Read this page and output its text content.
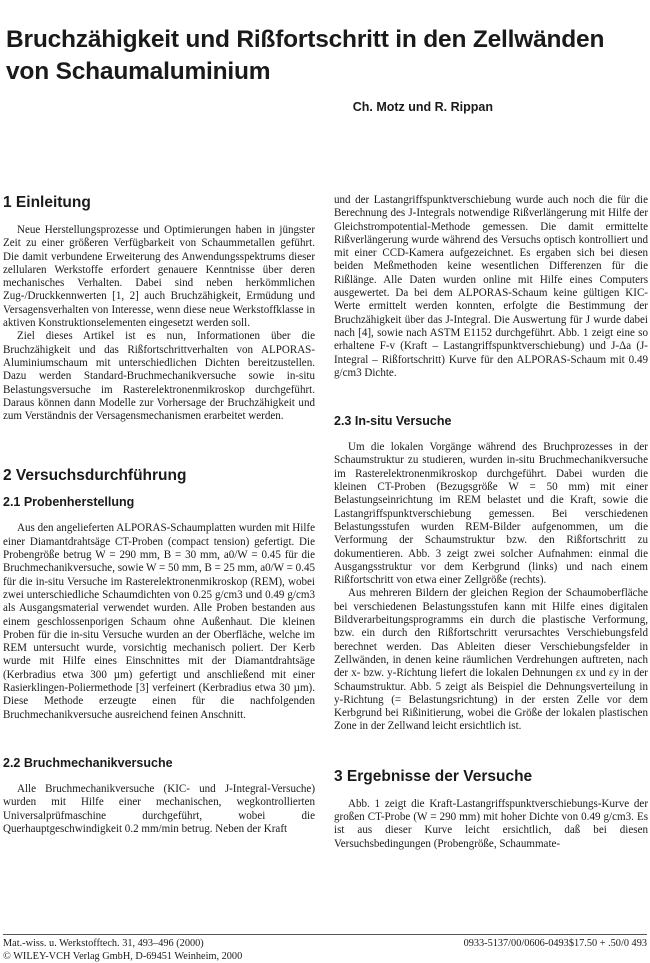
Bruchzähigkeit und Rißfortschritt in den Zellwänden von Schaumaluminium
Ch. Motz und R. Rippan
1 Einleitung

Neue Herstellungsprozesse und Optimierungen haben in jüngster Zeit zu einer größeren Verfügbarkeit von Schaummetallen geführt. Die damit verbundene Erweiterung des Anwendungsspektrums dieser zellularen Werkstoffe erfordert genauere Kenntnisse über deren mechanisches Verhalten. Dabei sind neben herkömmlichen Zug-/Druckkennwerten [1, 2] auch Bruchzähigkeit, Ermüdung und Versagensverhalten von Interesse, wenn diese neue Werkstoffklasse in aktiven Konstruktionselementen eingesetzt werden soll.

Ziel dieses Artikel ist es nun, Informationen über die Bruchzähigkeit und das Rißfortschrittverhalten von ALPORAS-Aluminiumschaum mit unterschiedlichen Dichten bereitzustellen. Dazu werden Standard-Bruchmechanikversuche sowie in-situ Belastungsversuche im Rasterelektronenmikroskop durchgeführt. Daraus können dann Modelle zur Vorhersage der Bruchzähigkeit und zum Verständnis der Versagensmechanismen erarbeitet werden.

2 Versuchsdurchführung
2.1 Probenherstellung

Aus den angelieferten ALPORAS-Schaumplatten wurden mit Hilfe einer Diamantdrahtsäge CT-Proben (compact tension) gefertigt. Die Probengröße betrug W = 290 mm, B = 30 mm, a0/W = 0.45 für die Bruchmechanikversuche, sowie W = 50 mm, B = 25 mm, a0/W = 0.45 für die in-situ Versuche im Rasterelektronenmikroskop (REM), wobei zwei unterschiedliche Schaumdichten von 0.25 g/cm3 und 0.49 g/cm3 als Ausgangsmaterial verwendet wurden. Alle Proben bestanden aus einem geschlossenporigen Schaum ohne Außenhaut. Die kleinen Proben für die in-situ Versuche wurden an der Oberfläche, welche im REM untersucht wurde, vorsichtig mechanisch poliert. Der Kerb wurde mit Hilfe eines Einschnittes mit der Diamantdrahtsäge (Kerbradius etwa 300 µm) gefertigt und anschließend mit einer Rasierklingen-Poliermethode [3] verfeinert (Kerbradius etwa 30 µm). Diese Methode erzeugte einen für die nachfolgenden Bruchmechanikversuche ausreichend feinen Anschnitt.

2.2 Bruchmechanikversuche

Alle Bruchmechanikversuche (KIC- und J-Integral-Versuche) wurden mit Hilfe einer mechanischen, wegkontrollierten Universalprüfmaschine durchgeführt, wobei die Querhauptgeschwindigkeit 0.2 mm/min betrug. Neben der Kraft

und der Lastangriffspunktverschiebung wurde auch noch die für die Berechnung des J-Integrals notwendige Rißverlängerung mit Hilfe der Gleichstrompotential-Methode gemessen. Die damit ermittelte Rißverlängerung wurde während des Versuchs optisch kontrolliert und mit einer CCD-Kamera aufgezeichnet. Es ergaben sich bei diesen beiden Meßmethoden keine wesentlichen Differenzen für die Rißlänge. Alle Daten wurden online mit Hilfe eines Computers ausgewertet. Da bei dem ALPORAS-Schaum keine gültigen KIC-Werte ermittelt werden konnten, erfolgte die Bestimmung der Bruchzähigkeit über das J-Integral. Die Auswertung für J wurde dabei nach [4], sowie nach ASTM E1152 durchgeführt. Abb. 1 zeigt eine so erhaltene F-v (Kraft – Lastangriffspunktverschiebung) und J-Δa (J-Integral – Rißfortschritt) Kurve für den ALPORAS-Schaum mit 0.49 g/cm3 Dichte.

2.3 In-situ Versuche

Um die lokalen Vorgänge während des Bruchprozesses in der Schaumstruktur zu studieren, wurden in-situ Bruchmechanikversuche im Rasterelektronenmikroskop durchgeführt. Dabei wurden die kleinen CT-Proben (Bezugsgröße W = 50 mm) mit einer Belastungseinrichtung im REM belastet und die Kraft, sowie die Lastangriffspunktverschiebung gemessen. Bei verschiedenen Belastungsstufen wurden REM-Bilder aufgenommen, um die Verformung der Schaumstruktur bzw. den Rißfortschritt zu dokumentieren. Abb. 3 zeigt zwei solcher Aufnahmen: einmal die Ausgangsstruktur vor dem Kerbgrund (links) und nach einem Rißfortschritt von etwa einer Zellgröße (rechts).

Aus mehreren Bildern der gleichen Region der Schaumoberfläche bei verschiedenen Belastungsstufen kann mit Hilfe eines digitalen Bildverarbeitungsprogramms ein durch die plastische Verformung, bzw. ein durch den Rißfortschritt verursachtes Verschiebungsfeld berechnet werden. Das Ableiten dieser Verschiebungsfelder in Zellwänden, in denen keine räumlichen Verdrehungen auftreten, nach der x- bzw. y-Richtung liefert die lokalen Dehnungen εx und εy in der Schaumstruktur. Abb. 5 zeigt als Beispiel die Dehnungsverteilung in y-Richtung (= Belastungsrichtung) in der ersten Zelle vor dem Kerbgrund bei Rißinitierung, wobei die Größe der lokalen plastischen Zone in der Zellwand leicht ersichtlich ist.

3 Ergebnisse der Versuche

Abb. 1 zeigt die Kraft-Lastangriffspunktverschiebungs-Kurve der großen CT-Probe (W = 290 mm) mit hoher Dichte von 0.49 g/cm3. Es ist aus dieser Kurve leicht ersichtlich, daß bei diesen Versuchsbedingungen (Probengröße, Schaummate-

Mat.-wiss. u. Werkstofftech. 31, 493–496 (2000)
© WILEY-VCH Verlag GmbH, D-69451 Weinheim, 2000
0933-5137/00/0606-0493$17.50 + .50/0 493
